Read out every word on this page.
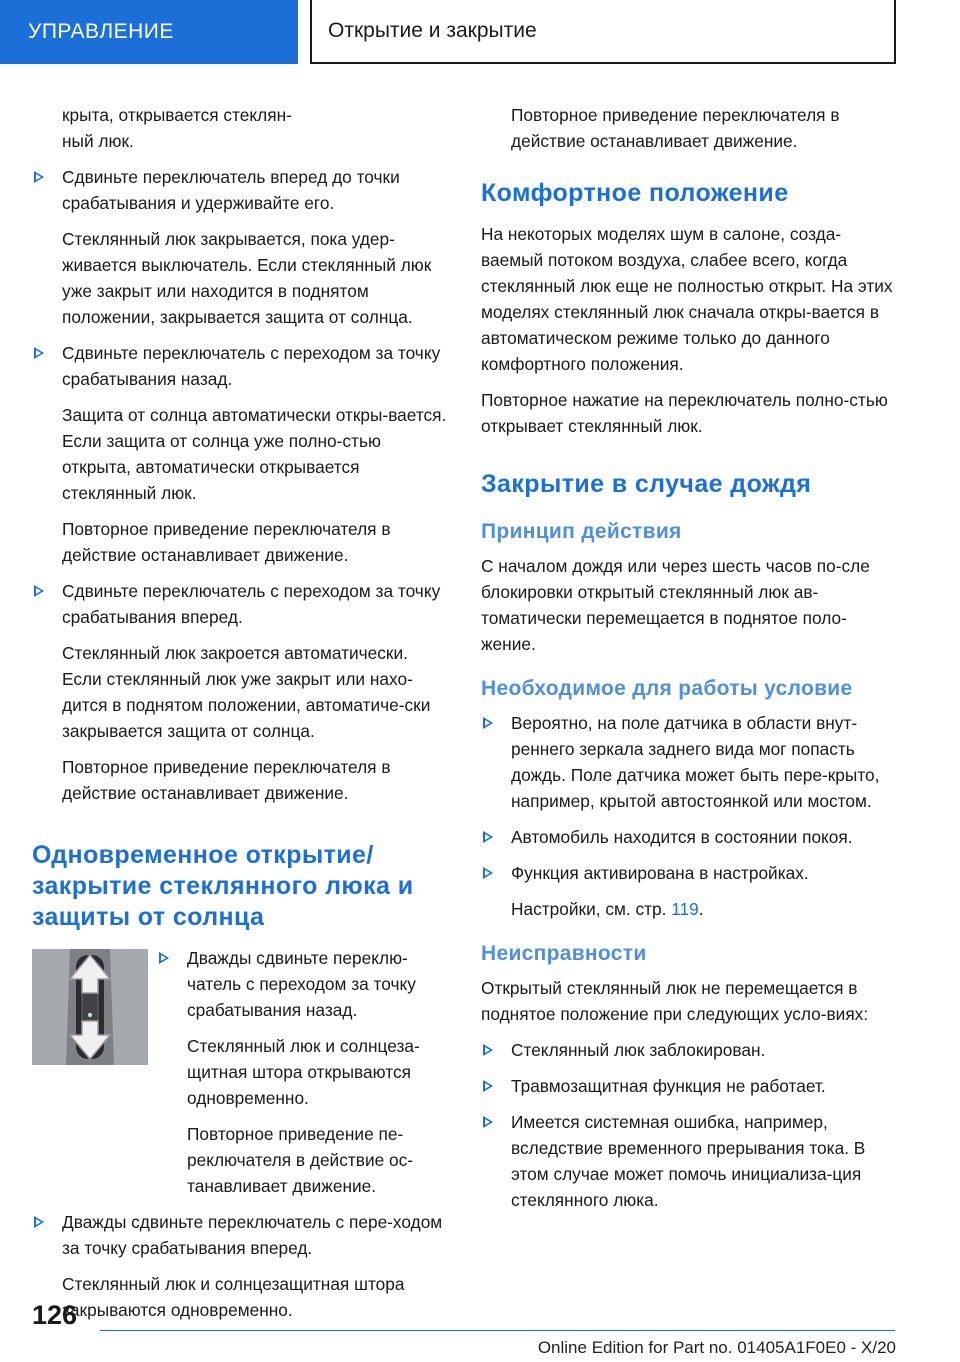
УПРАВЛЕНИЕ	Открытие и закрытие

крыта, открывается стеклян-
ный люк.

Сдвиньте переключатель вперед до точки срабатывания и удерживайте его.

Стеклянный люк закрывается, пока удер-живается выключатель. Если стеклянный люк уже закрыт или находится в поднятом положении, закрывается защита от солнца.

Сдвиньте переключатель с переходом за точку срабатывания назад.

Защита от солнца автоматически откры-вается. Если защита от солнца уже полно-стью открыта, автоматически открывается стеклянный люк.

Повторное приведение переключателя в действие останавливает движение.

Сдвиньте переключатель с переходом за точку срабатывания вперед.

Стеклянный люк закроется автоматически. Если стеклянный люк уже закрыт или нахо-дится в поднятом положении, автоматиче-ски закрывается защита от солнца.

Повторное приведение переключателя в действие останавливает движение.

Одновременное открытие/ закрытие стеклянного люка и защиты от солнца
Дважды сдвиньте переклю-чатель с переходом за точку срабатывания назад.

Стеклянный люк и солнцеза-щитная штора открываются одновременно.

Повторное приведение пе-реключателя в действие ос-танавливает движение.

Дважды сдвиньте переключатель с пере-ходом за точку срабатывания вперед.

Стеклянный люк и солнцезащитная штора закрываются одновременно.

Повторное приведение переключателя в действие останавливает движение.

Комфортное положение

На некоторых моделях шум в салоне, созда-ваемый потоком воздуха, слабее всего, когда стеклянный люк еще не полностью открыт. На этих моделях стеклянный люк сначала откры-вается в автоматическом режиме только до данного комфортного положения.

Повторное нажатие на переключатель полно-стью открывает стеклянный люк.

Закрытие в случае дождя
Принцип действия

С началом дождя или через шесть часов по-сле блокировки открытый стеклянный люк ав-томатически перемещается в поднятое поло-жение.

Необходимое для работы условие
Вероятно, на поле датчика в области внут-реннего зеркала заднего вида мог попасть дождь. Поле датчика может быть пере-крыто, например, крытой автостоянкой или мостом.
Автомобиль находится в состоянии покоя.
Функция активирована в настройках.

Настройки, см. стр. 119.

Неисправности

Открытый стеклянный люк не перемещается в поднятое положение при следующих усло-виях:

Стеклянный люк заблокирован.
Травмозащитная функция не работает.
Имеется системная ошибка, например, вследствие временного прерывания тока. В этом случае может помочь инициализа-ция стеклянного люка.
126
Online Edition for Part no. 01405A1F0E0 - X/20
